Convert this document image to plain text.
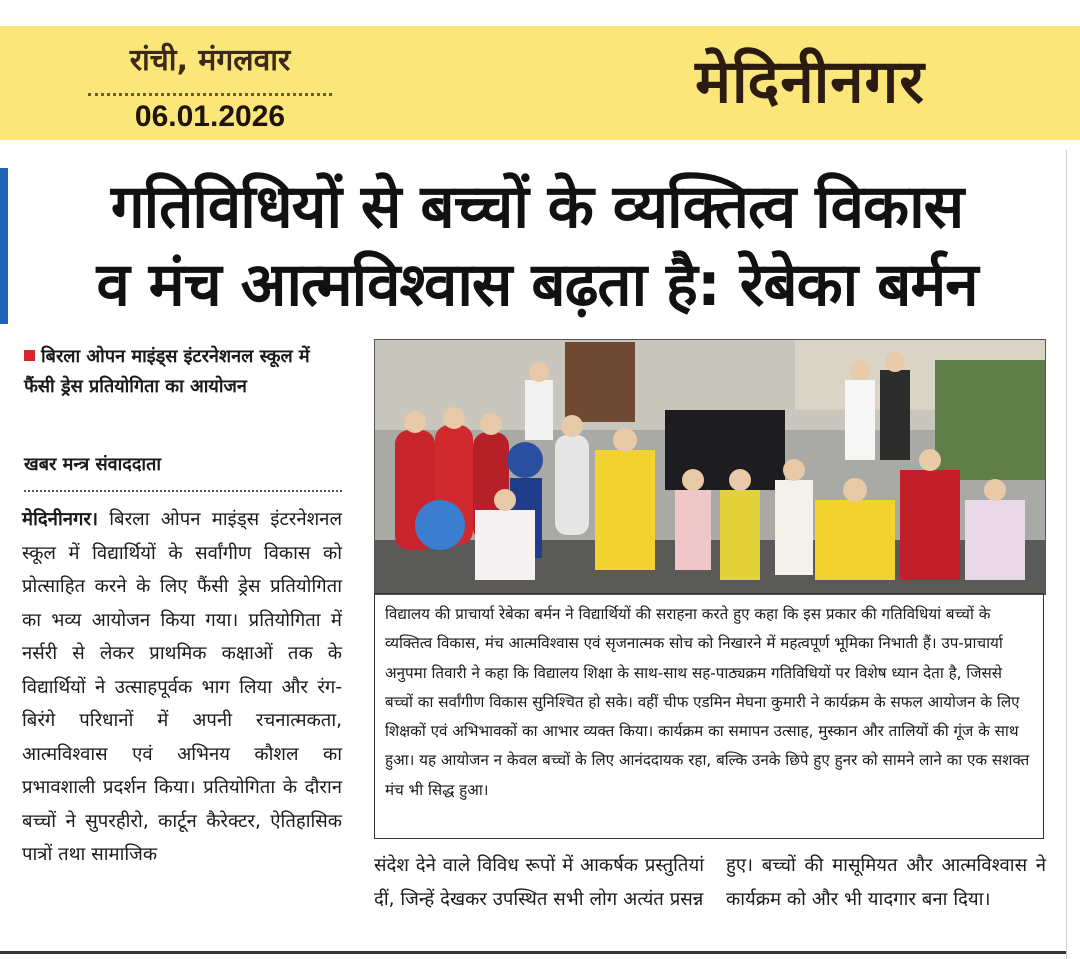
रांची, मंगलवार
06.01.2026	मेदिनीनगर
गतिविधियों से बच्चों के व्यक्तित्व विकास
व मंच आत्मविश्वास बढ़ता है: रेबेका बर्मन
बिरला ओपन माइंड्स इंटरनेशनल स्कूल में फैंसी ड्रेस प्रतियोगिता का आयोजन
खबर मन्त्र संवाददाता

मेदिनीनगर। बिरला ओपन माइंड्स इंटरनेशनल स्कूल में विद्यार्थियों के सर्वांगीण विकास को प्रोत्साहित करने के लिए फैंसी ड्रेस प्रतियोगिता का भव्य आयोजन किया गया। प्रतियोगिता में नर्सरी से लेकर प्राथमिक कक्षाओं तक के विद्यार्थियों ने उत्साहपूर्वक भाग लिया और रंग-बिरंगे परिधानों में अपनी रचनात्मकता, आत्मविश्वास एवं अभिनय कौशल का प्रभावशाली प्रदर्शन किया। प्रतियोगिता के दौरान बच्चों ने सुपरहीरो, कार्टून कैरेक्टर, ऐतिहासिक पात्रों तथा सामाजिक

विद्यालय की प्राचार्या रेबेका बर्मन ने विद्यार्थियों की सराहना करते हुए कहा कि इस प्रकार की गतिविधियां बच्चों के व्यक्तित्व विकास, मंच आत्मविश्वास एवं सृजनात्मक सोच को निखारने में महत्वपूर्ण भूमिका निभाती हैं। उप-प्राचार्या अनुपमा तिवारी ने कहा कि विद्यालय शिक्षा के साथ-साथ सह-पाठ्यक्रम गतिविधियों पर विशेष ध्यान देता है, जिससे बच्चों का सर्वांगीण विकास सुनिश्चित हो सके। वहीं चीफ एडमिन मेघना कुमारी ने कार्यक्रम के सफल आयोजन के लिए शिक्षकों एवं अभिभावकों का आभार व्यक्त किया। कार्यक्रम का समापन उत्साह, मुस्कान और तालियों की गूंज के साथ हुआ। यह आयोजन न केवल बच्चों के लिए आनंददायक रहा, बल्कि उनके छिपे हुए हुनर को सामने लाने का एक सशक्त मंच भी सिद्ध हुआ।

संदेश देने वाले विविध रूपों में आकर्षक प्रस्तुतियां दीं, जिन्हें देखकर उपस्थित सभी लोग अत्यंत प्रसन्न

हुए। बच्चों की मासूमियत और आत्मविश्वास ने कार्यक्रम को और भी यादगार बना दिया।
